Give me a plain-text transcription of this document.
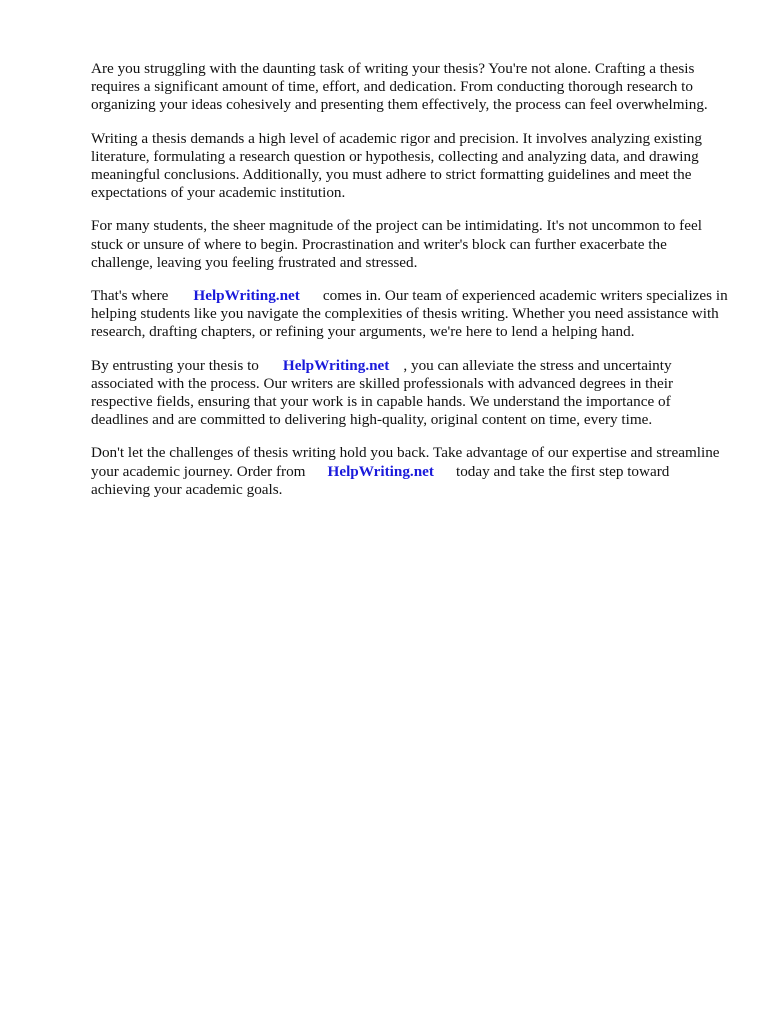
Are you struggling with the daunting task of writing your thesis? You're not alone. Crafting a thesis requires a significant amount of time, effort, and dedication. From conducting thorough research to organizing your ideas cohesively and presenting them effectively, the process can feel overwhelming.

Writing a thesis demands a high level of academic rigor and precision. It involves analyzing existing literature, formulating a research question or hypothesis, collecting and analyzing data, and drawing meaningful conclusions. Additionally, you must adhere to strict formatting guidelines and meet the expectations of your academic institution.

For many students, the sheer magnitude of the project can be intimidating. It's not uncommon to feel stuck or unsure of where to begin. Procrastination and writer's block can further exacerbate the challenge, leaving you feeling frustrated and stressed.

That's where HelpWriting.net comes in. Our team of experienced academic writers specializes in helping students like you navigate the complexities of thesis writing. Whether you need assistance with research, drafting chapters, or refining your arguments, we're here to lend a helping hand.

By entrusting your thesis to HelpWriting.net , you can alleviate the stress and uncertainty associated with the process. Our writers are skilled professionals with advanced degrees in their respective fields, ensuring that your work is in capable hands. We understand the importance of deadlines and are committed to delivering high-quality, original content on time, every time.

Don't let the challenges of thesis writing hold you back. Take advantage of our expertise and streamline your academic journey. Order from HelpWriting.net today and take the first step toward achieving your academic goals.
